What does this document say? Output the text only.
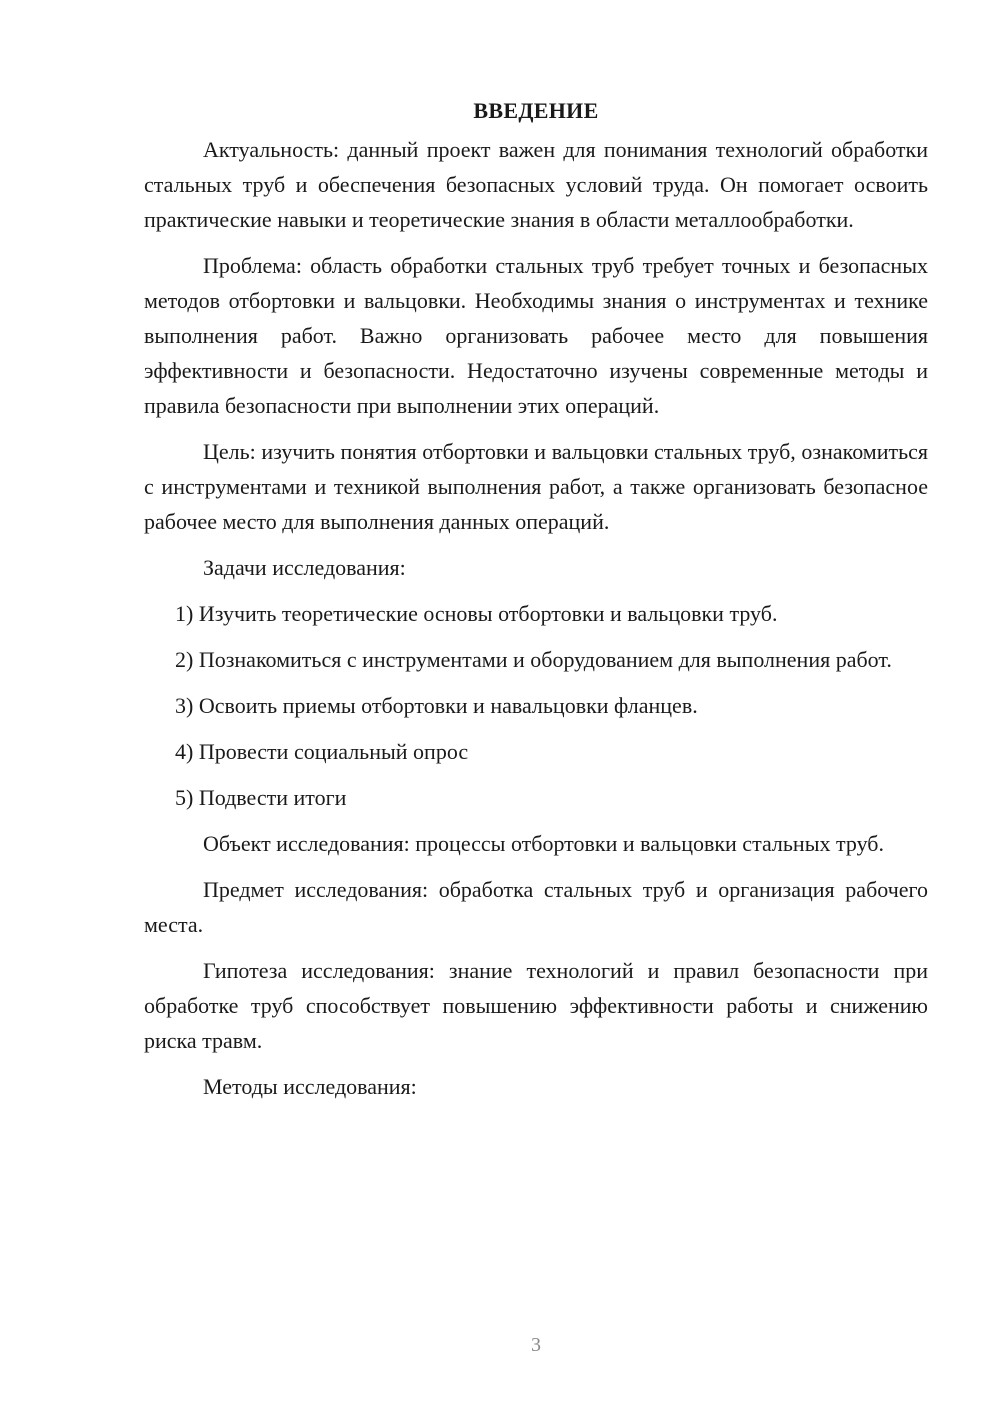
ВВЕДЕНИЕ

Актуальность: данный проект важен для понимания технологий обработки стальных труб и обеспечения безопасных условий труда. Он помогает освоить практические навыки и теоретические знания в области металлообработки.

Проблема: область обработки стальных труб требует точных и безопасных методов отбортовки и вальцовки. Необходимы знания о инструментах и технике выполнения работ. Важно организовать рабочее место для повышения эффективности и безопасности. Недостаточно изучены современные методы и правила безопасности при выполнении этих операций.

Цель: изучить понятия отбортовки и вальцовки стальных труб, ознакомиться с инструментами и техникой выполнения работ, а также организовать безопасное рабочее место для выполнения данных операций.

Задачи исследования:

1) Изучить теоретические основы отбортовки и вальцовки труб.

2) Познакомиться с инструментами и оборудованием для выполнения работ.

3) Освоить приемы отбортовки и навальцовки фланцев.

4) Провести социальный опрос

5) Подвести итоги

Объект исследования: процессы отбортовки и вальцовки стальных труб.

Предмет исследования: обработка стальных труб и организация рабочего места.

Гипотеза исследования: знание технологий и правил безопасности при обработке труб способствует повышению эффективности работы и снижению риска травм.

Методы исследования:

3
